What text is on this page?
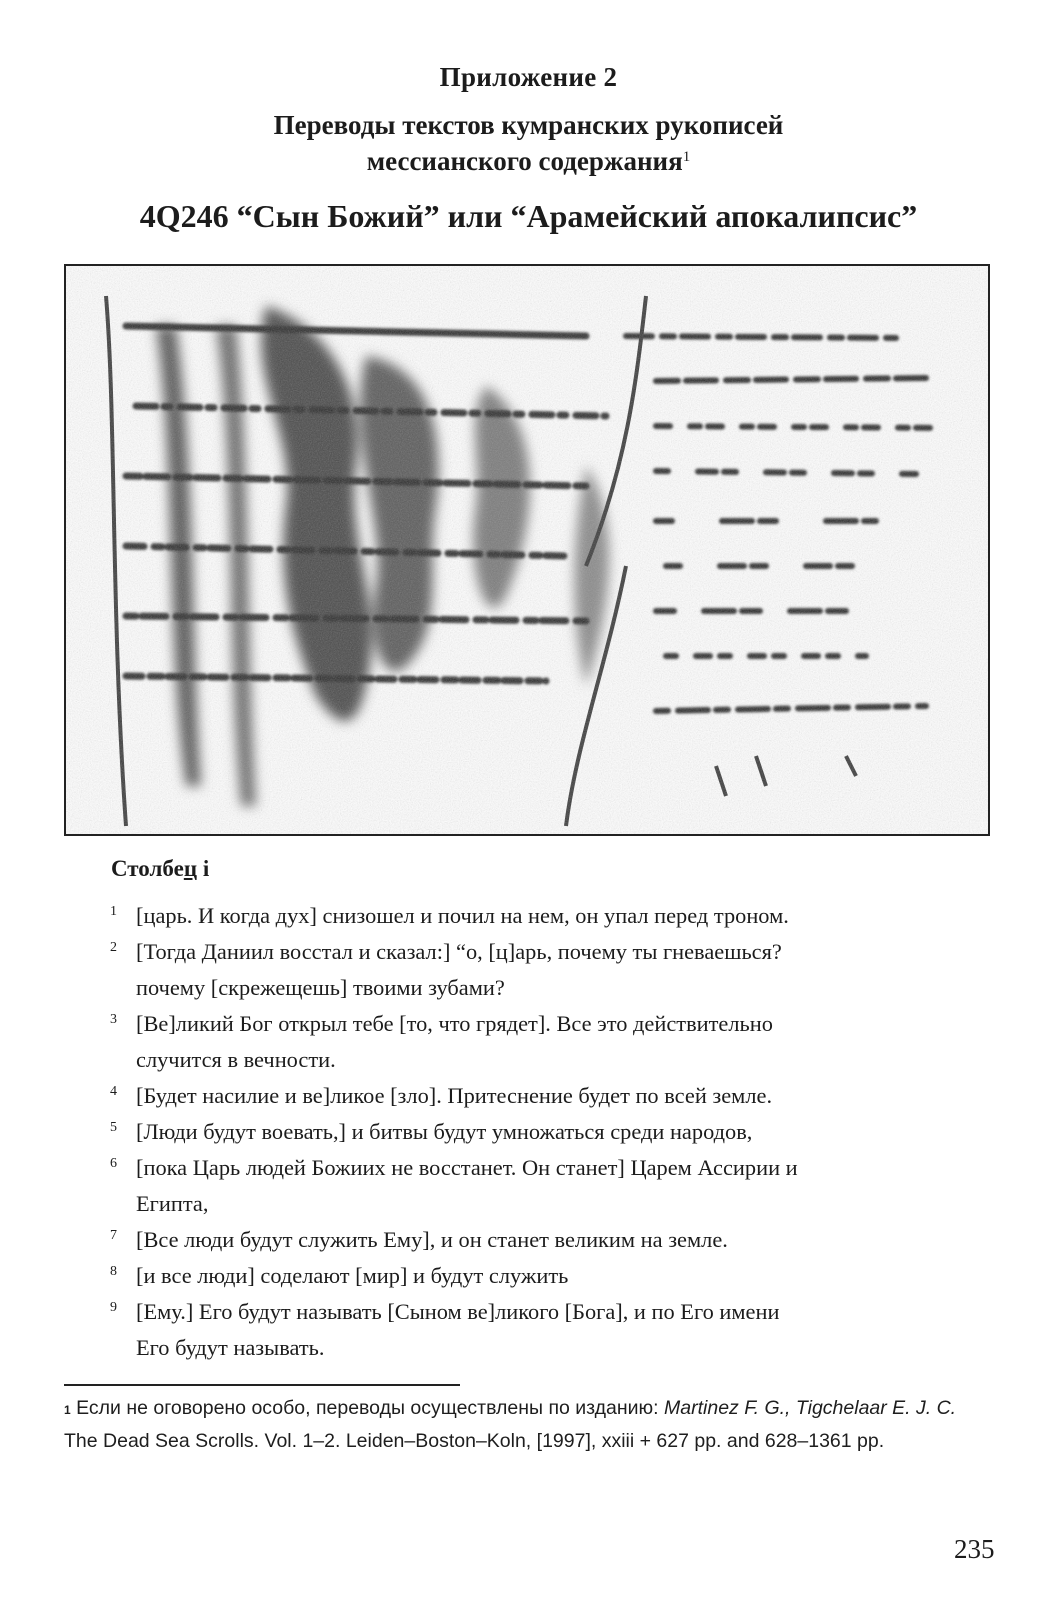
Приложение 2
Переводы текстов кумранских рукописей
мессианского содержания$^1$
4Q246 “Сын Божий” или “Арамейский апокалипсис”
Столбец i
1 [царь. И когда дух] снизошел и почил на нем, он упал перед троном.
2 [Тогда Даниил восстал и сказал:] “о, [ц]арь, почему ты гневаешься?
почему [скрежещешь] твоими зубами?
3 [Ве]ликий Бог открыл тебе [то, что грядет]. Все это действительно
случится в вечности.
4 [Будет насилие и ве]ликое [зло]. Притеснение будет по всей земле.
5 [Люди будут воевать,] и битвы будут умножаться среди народов,
6 [пока Царь людей Божиих не восстанет. Он станет] Царем Ассирии и
Египта,
7 [Все люди будут служить Ему], и он станет великим на земле.
8 [и все люди] соделают [мир] и будут служить
9 [Ему.] Его будут называть [Сыном ве]ликого [Бога], и по Его имени
Его будут называть.
$^1$ Если не оговорено особо, переводы осуществлены по изданию: Martinez F. G., Tigchelaar E. J. C. The Dead Sea Scrolls. Vol. 1–2. Leiden–Boston–Koln, [1997], xxiii + 627 pp. and 628–1361 pp.
235
